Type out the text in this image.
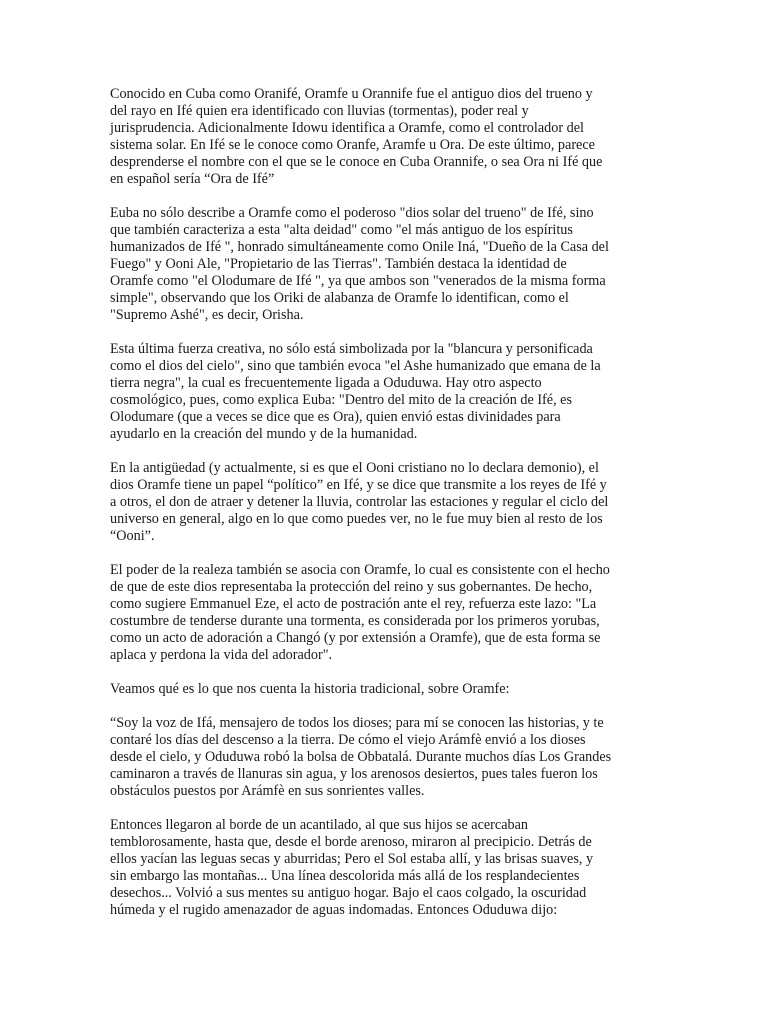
Conocido en Cuba como Oranifé, Oramfe u Orannife fue el antiguo dios del trueno y
del rayo en Ifé quien era identificado con lluvias (tormentas), poder real y
jurisprudencia. Adicionalmente Idowu identifica a Oramfe, como el controlador del
sistema solar. En Ifé se le conoce como Oranfe, Aramfe u Ora. De este último, parece
desprenderse el nombre con el que se le conoce en Cuba Orannife, o sea Ora ni Ifé que
en español sería “Ora de Ifé”

Euba no sólo describe a Oramfe como el poderoso "dios solar del trueno" de Ifé, sino
que también caracteriza a esta "alta deidad" como "el más antiguo de los espíritus
humanizados de Ifé ", honrado simultáneamente como Onile Iná, "Dueño de la Casa del
Fuego" y Ooni Ale, "Propietario de las Tierras". También destaca la identidad de
Oramfe como "el Olodumare de Ifé ", ya que ambos son "venerados de la misma forma
simple", observando que los Oriki de alabanza de Oramfe lo identifican, como el
"Supremo Ashé", es decir, Orisha.

Esta última fuerza creativa, no sólo está simbolizada por la "blancura y personificada
como el dios del cielo", sino que también evoca "el Ashe humanizado que emana de la
tierra negra", la cual es frecuentemente ligada a Oduduwa. Hay otro aspecto
cosmológico, pues, como explica Euba: "Dentro del mito de la creación de Ifé, es
Olodumare (que a veces se dice que es Ora), quien envió estas divinidades para
ayudarlo en la creación del mundo y de la humanidad.

En la antigüedad (y actualmente, si es que el Ooni cristiano no lo declara demonio), el
dios Oramfe tiene un papel “político” en Ifé, y se dice que transmite a los reyes de Ifé y
a otros, el don de atraer y detener la lluvia, controlar las estaciones y regular el ciclo del
universo en general, algo en lo que como puedes ver, no le fue muy bien al resto de los
“Ooni”.

El poder de la realeza también se asocia con Oramfe, lo cual es consistente con el hecho
de que de este dios representaba la protección del reino y sus gobernantes. De hecho,
como sugiere Emmanuel Eze, el acto de postración ante el rey, refuerza este lazo: "La
costumbre de tenderse durante una tormenta, es considerada por los primeros yorubas,
como un acto de adoración a Changó (y por extensión a Oramfe), que de esta forma se
aplaca y perdona la vida del adorador".

Veamos qué es lo que nos cuenta la historia tradicional, sobre Oramfe:

“Soy la voz de Ifá, mensajero de todos los dioses; para mí se conocen las historias, y te
contaré los días del descenso a la tierra. De cómo el viejo Arámfè envió a los dioses
desde el cielo, y Oduduwa robó la bolsa de Obbatalá. Durante muchos días Los Grandes
caminaron a través de llanuras sin agua, y los arenosos desiertos, pues tales fueron los
obstáculos puestos por Arámfè en sus sonrientes valles.

Entonces llegaron al borde de un acantilado, al que sus hijos se acercaban
temblorosamente, hasta que, desde el borde arenoso, miraron al precipicio. Detrás de
ellos yacían las leguas secas y aburridas; Pero el Sol estaba allí, y las brisas suaves, y
sin embargo las montañas... Una línea descolorida más allá de los resplandecientes
desechos... Volvió a sus mentes su antiguo hogar. Bajo el caos colgado, la oscuridad
húmeda y el rugido amenazador de aguas indomadas. Entonces Oduduwa dijo:
